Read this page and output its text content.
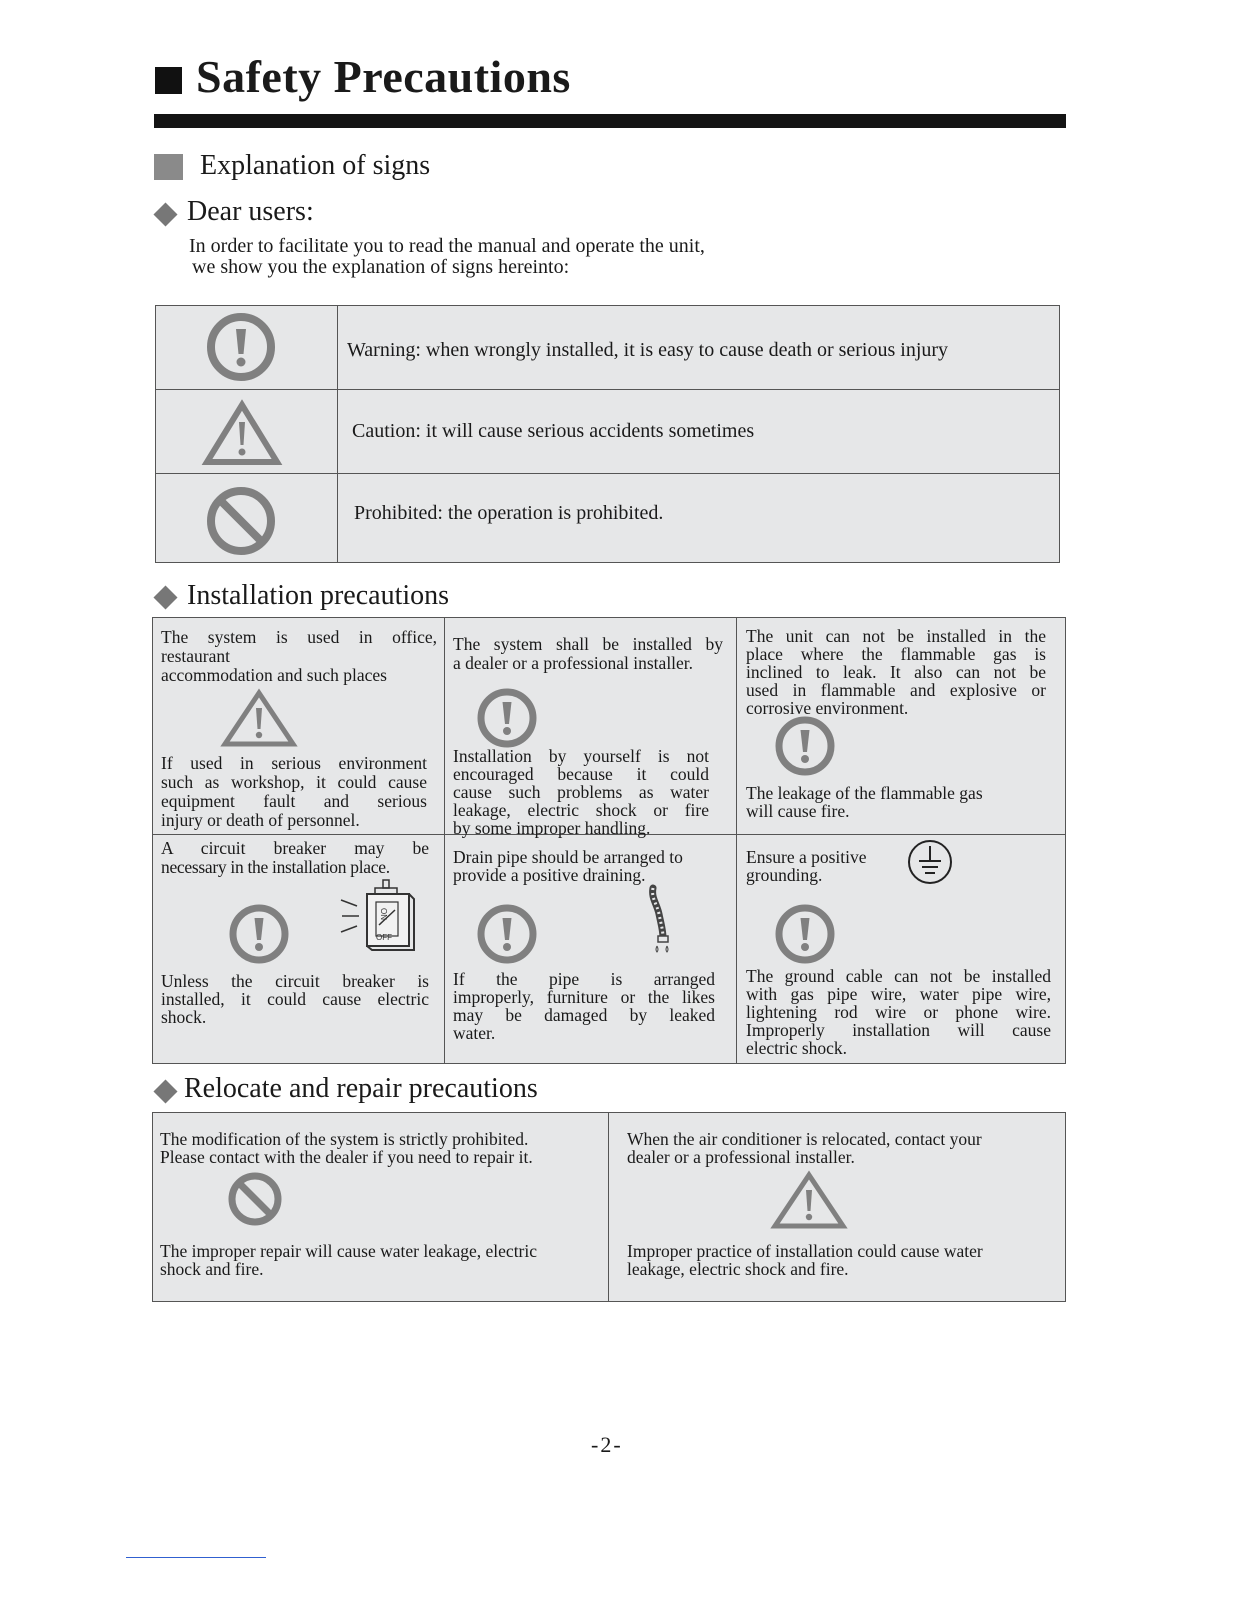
Safety Precautions
Explanation of signs
Dear users:
In order to facilitate you to read the manual and operate the unit,
we show you the explanation of signs hereinto:
Warning: when wrongly installed, it is easy to cause death or serious injury
Caution: it will cause serious accidents sometimes
Prohibited: the operation is prohibited.
Installation precautions
The system is used in office,
restaurant
accommodation and such places
If used in serious environment
such as workshop, it could cause
equipment fault and serious
injury or death of personnel.
The system shall be installed by
a dealer or a professional installer.
Installation by yourself is not
encouraged because it could
cause such problems as water
leakage, electric shock or fire
by some improper handling.
The unit can not be installed in the
place where the flammable gas is
inclined to leak. It also can not be
used in flammable and explosive or
corrosive environment.
The leakage of the flammable gas
will cause fire.
A circuit breaker may be
necessary in the installation place.
ON
OFF
Unless the circuit breaker is
installed, it could cause electric
shock.
Drain pipe should be arranged to
provide a positive draining.
If the pipe is arranged
improperly, furniture or the likes
may be damaged by leaked
water.
Ensure a positive
grounding.
The ground cable can not be installed
with gas pipe wire, water pipe wire,
lightening rod wire or phone wire.
Improperly installation will cause
electric shock.
Relocate and repair precautions
The modification of the system is strictly prohibited.
Please contact with the dealer if you need to repair it.
The improper repair will cause water leakage, electric
shock and fire.
When the air conditioner is relocated, contact your
dealer or a professional installer.
Improper practice of installation could cause water
leakage, electric shock and fire.
-2-
